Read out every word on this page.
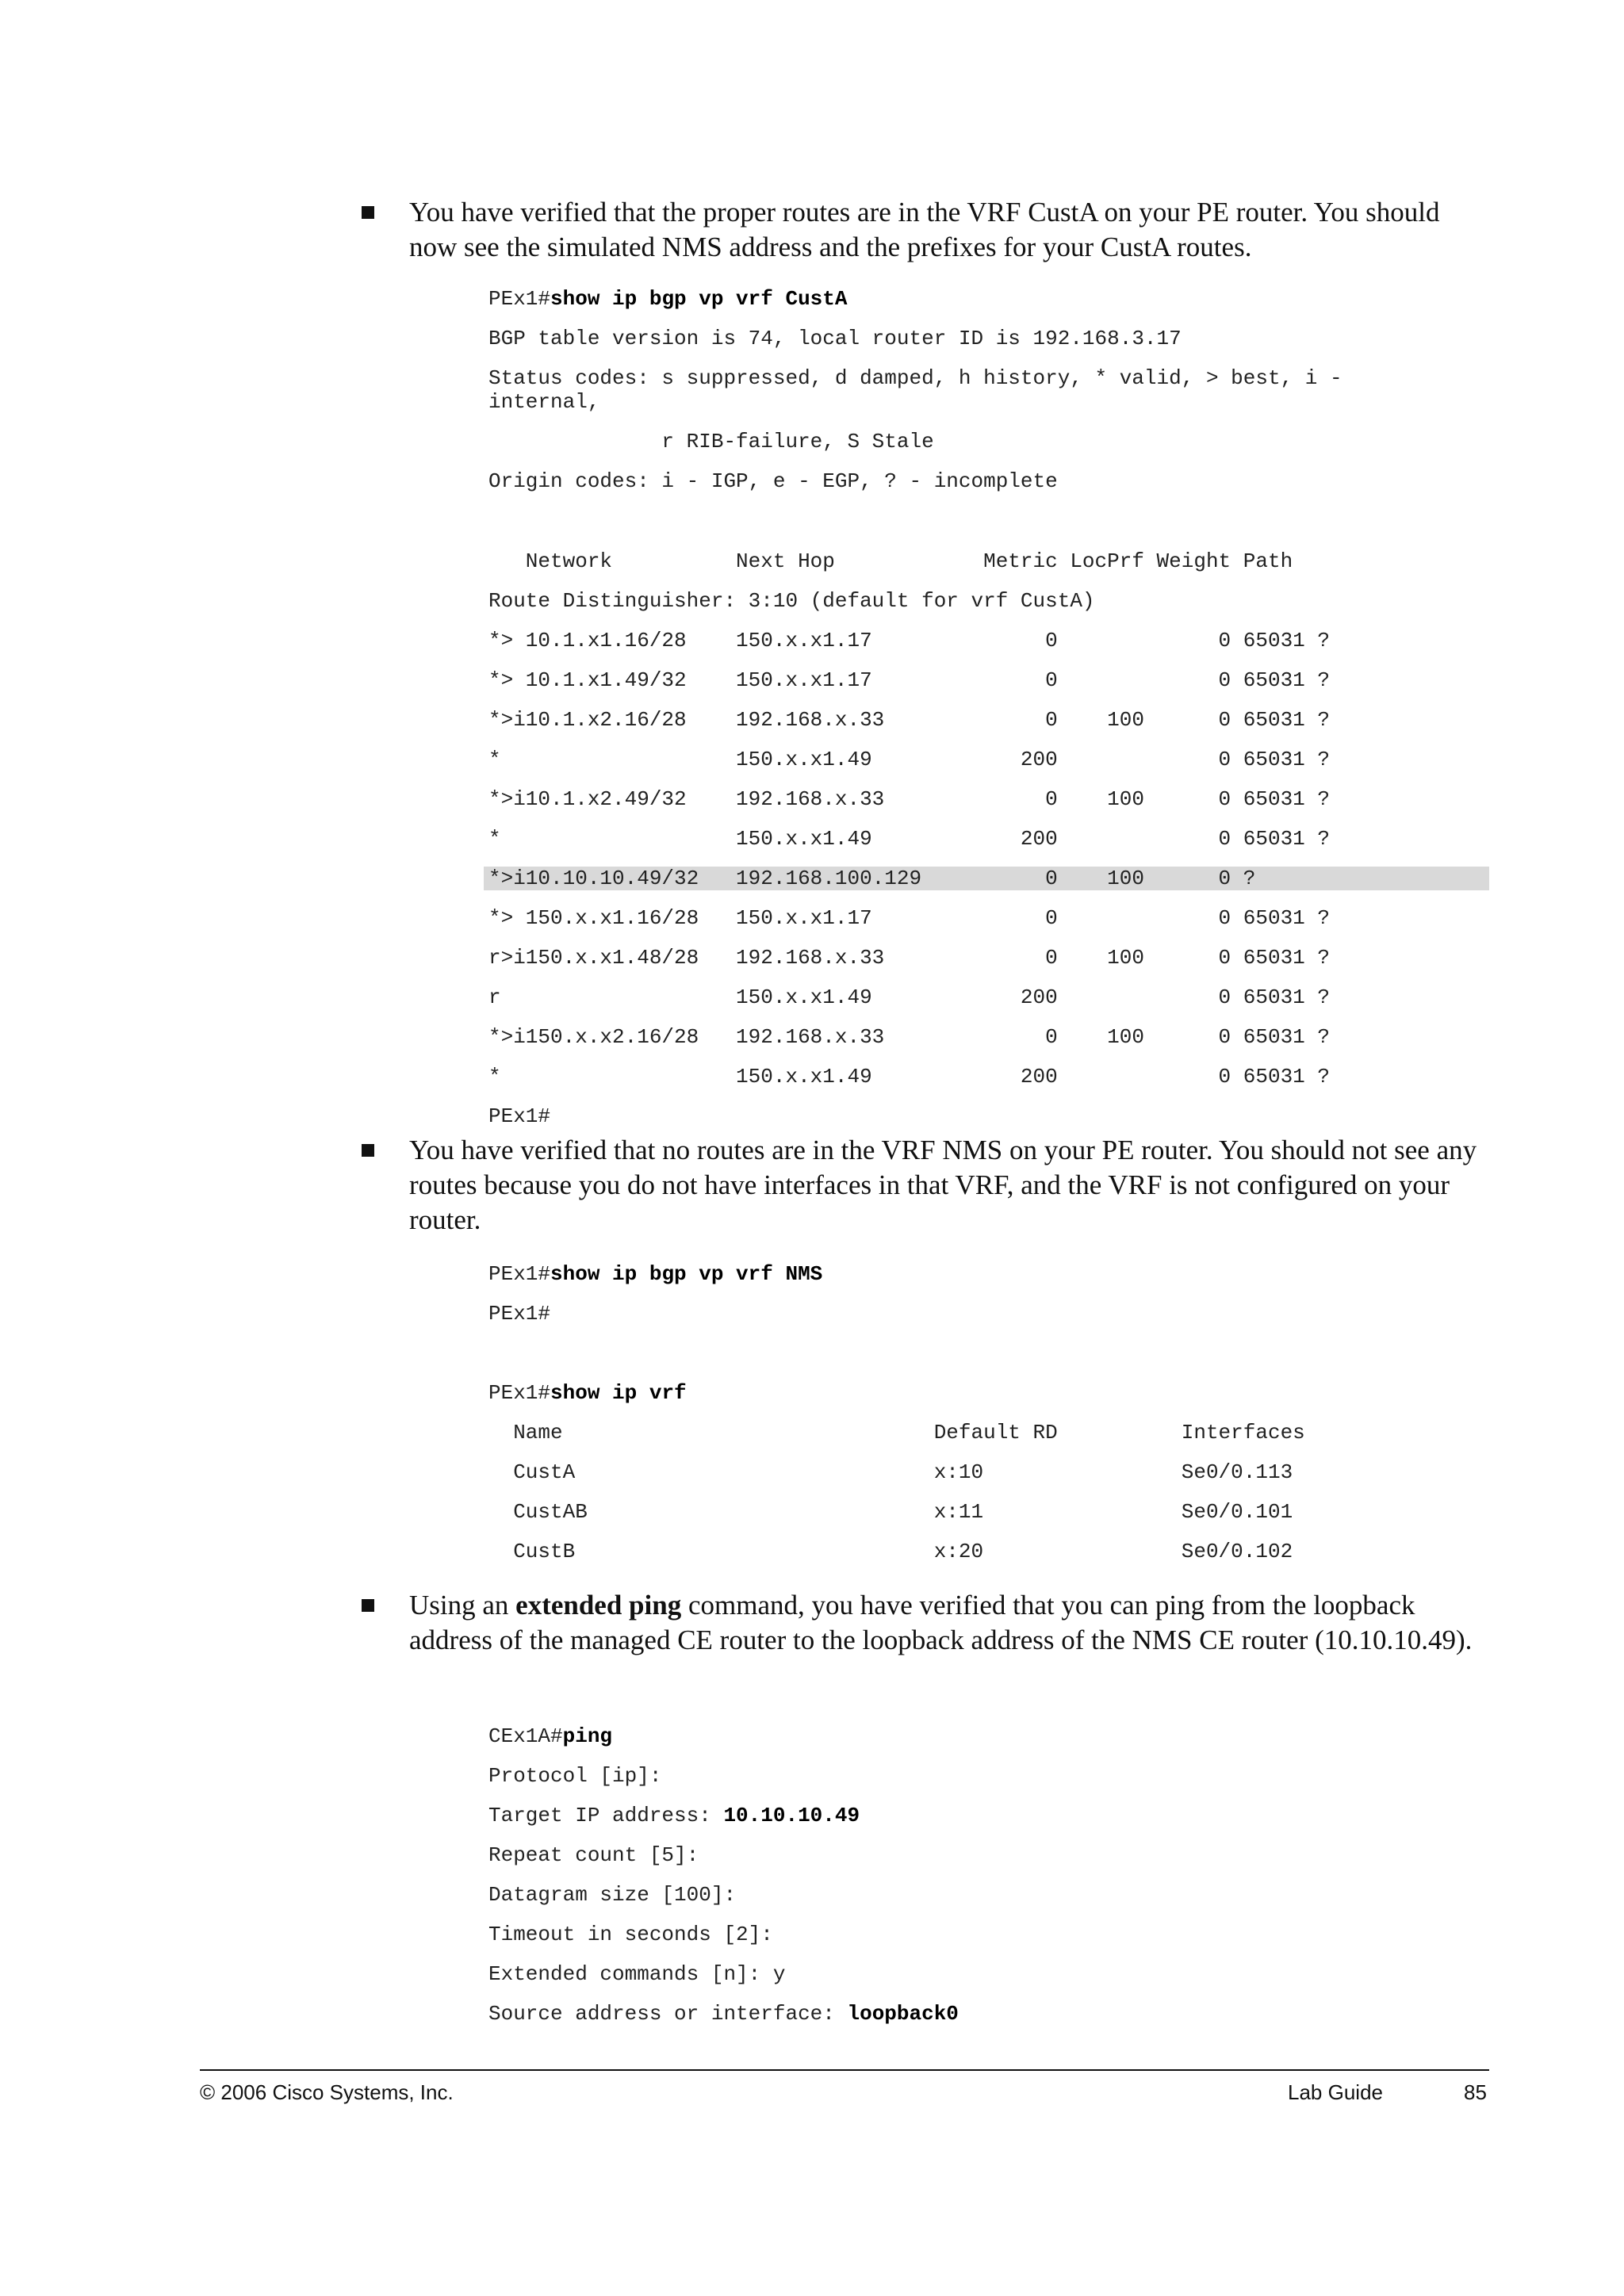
You have verified that the proper routes are in the VRF CustA on your PE router. You should now see the simulated NMS address and the prefixes for your CustA routes.
PEx1#show ip bgp vp vrf CustA
BGP table version is 74, local router ID is 192.168.3.17
Status codes: s suppressed, d damped, h history, * valid, > best, i -
internal,
r RIB-failure, S Stale
Origin codes: i - IGP, e - EGP, ? - incomplete
Network          Next Hop            Metric LocPrf Weight Path
Route Distinguisher: 3:10 (default for vrf CustA)
*> 10.1.x1.16/28    150.x.x1.17              0             0 65031 ?
*> 10.1.x1.49/32    150.x.x1.17              0             0 65031 ?
*>i10.1.x2.16/28    192.168.x.33             0    100      0 65031 ?
*                   150.x.x1.49            200             0 65031 ?
*>i10.1.x2.49/32    192.168.x.33             0    100      0 65031 ?
*                   150.x.x1.49            200             0 65031 ?
*>i10.10.10.49/32   192.168.100.129          0    100      0 ?
*> 150.x.x1.16/28   150.x.x1.17              0             0 65031 ?
r>i150.x.x1.48/28   192.168.x.33             0    100      0 65031 ?
r                   150.x.x1.49            200             0 65031 ?
*>i150.x.x2.16/28   192.168.x.33             0    100      0 65031 ?
*                   150.x.x1.49            200             0 65031 ?
PEx1#
You have verified that no routes are in the VRF NMS on your PE router. You should not see any routes because you do not have interfaces in that VRF, and the VRF is not configured on your router.
PEx1#show ip bgp vp vrf NMS
PEx1#
PEx1#show ip vrf
Name                              Default RD          Interfaces
CustA                             x:10                Se0/0.113
CustAB                            x:11                Se0/0.101
CustB                             x:20                Se0/0.102
Using an extended ping command, you have verified that you can ping from the loopback address of the managed CE router to the loopback address of the NMS CE router (10.10.10.49).
CEx1A#ping
Protocol [ip]:
Target IP address: 10.10.10.49
Repeat count [5]:
Datagram size [100]:
Timeout in seconds [2]:
Extended commands [n]: y
Source address or interface: loopback0
© 2006 Cisco Systems, Inc.	Lab Guide	85
